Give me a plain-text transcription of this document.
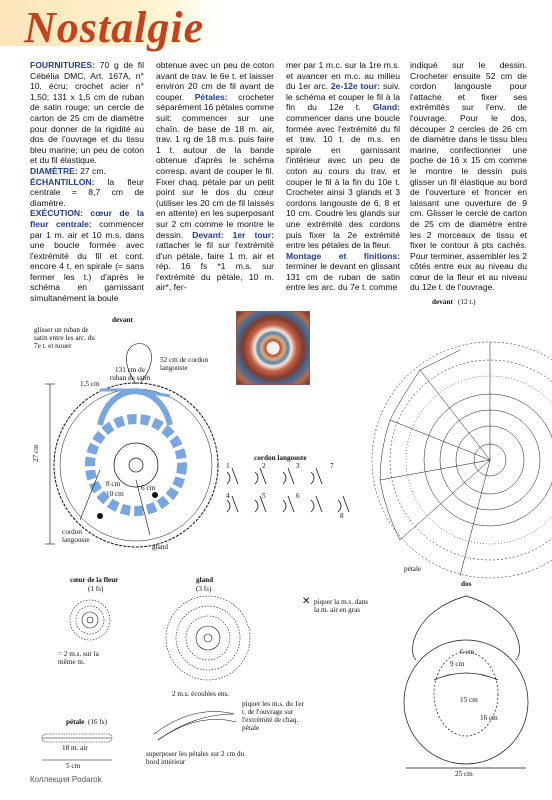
Nostalgie

FOURNITURES: 70 g de fil Cébélia DMC, Art. 167A, n° 10, écru; crochet acier n° 1,50; 131 x 1,5 cm de ruban de satin rouge; un cercle de carton de 25 cm de diamètre pour donner de la rigidité au dos de l'ouvrage et du tissu bleu marine; un peu de coton et du fil élastique.

DIAMÈTRE: 27 cm.

ÉCHANTILLON: la fleur centrale = 8,7 cm de diamètre.

EXÉCUTION: cœur de la fleur centrale: commencer par 1 m. air et 10 m.s. dans une boucle formée avec l'extrémité du fil et cont. encore 4 t. en spirale (= sans fermer les t.) d'après le schéma en garnissant simultanément la boule

obtenue avec un peu de coton avant de trav. le 6e t. et laisser environ 20 cm de fil avant de couper. Pétales: crocheter séparément 16 pétales comme suit: commencer sur une chaîn. de base de 18 m. air, trav. 1 rg de 18 m.s. puis faire 1 t. autour de la bande obtenue d'après le schéma corresp. avant de couper le fil. Fixer chaq. pétale par un petit point sur le dos du cœur (utiliser les 20 cm de fil laissés en attente) en les superposant sur 2 cm comme le montre le dessin. Devant: 1er tour: rattacher le fil sur l'extrémité d'un pétale, faire 1 m. air et rép. 16 fs *1 m.s. sur l'extrémité du pétale, 10 m. air*, fer-

mer par 1 m.c. sur la 1re m.s. et avancer en m.c. au milieu du 1er arc. 2e-12e tour: suiv. le schéma et couper le fil à la fin du 12e t. Gland: commencer dans une boucle formée avec l'extrémité du fil et trav. 10 t. de m.s. en spirale en garnissant l'intérieur avec un peu de coton au cours du trav. et couper le fil à la fin du 10e t. Crocheter ainsi 3 glands et 3 cordons langouste de 6, 8 et 10 cm. Coudre les glands sur une extrémité des cordons puis fixer la 2e extrémité entre les pétales de la fleur.

Montage et finitions: terminer le devant en glissant 131 cm de ruban de satin entre les arc. du 7e t. comme

indiqué sur le dessin. Crocheter ensuite 52 cm de cordon langouste pour l'attache et fixer ses extrémités sur l'env. de l'ouvrage. Pour le dos, découper 2 cercles de 26 cm de diamètre dans le tissu bleu marine, confectionner une poche de 16 x 15 cm comme le montre le dessin puis glisser un fil élastique au bord de l'ouverture et froncer en laissant une ouverture de 9 cm. Glisser le cercle de carton de 25 cm de diamètre entre les 2 morceaux de tissu et fixer le contour à pts cachés. Pour terminer, assembler les 2 côtés entre eux au niveau du cœur de la fleur et au niveau du 12e t. de l'ouvrage.

devant
glisser un ruban de satin entre les arc. du 7e t. et nouer
131 cm de ruban de satin
52 cm de cordon langouste
1,5 cm
27 cm
8 cm
10 cm
6 cm
cordon langouste
gland
cordon langouste
1	2	3	7
4	5	6
8
devant (12 t.)
pétale
cœur de la fleur
(1 fs)
= 2 m.s. sur la même m.
gland
(3 fs)
2 m.s. écoulées ens.
✕ piquer la m.s. dans la m. air en gras
dos
6 cm
9 cm
15 cm
16 cm
25 cm
pétale (16 fs)
18 m. air
5 cm
piquer les m.s. du 1er t. de l'ouvrage sur l'extrémité de chaq. pétale
superposer les pétales sur 2 cm du bord intérieur
Коллекция Podarok
